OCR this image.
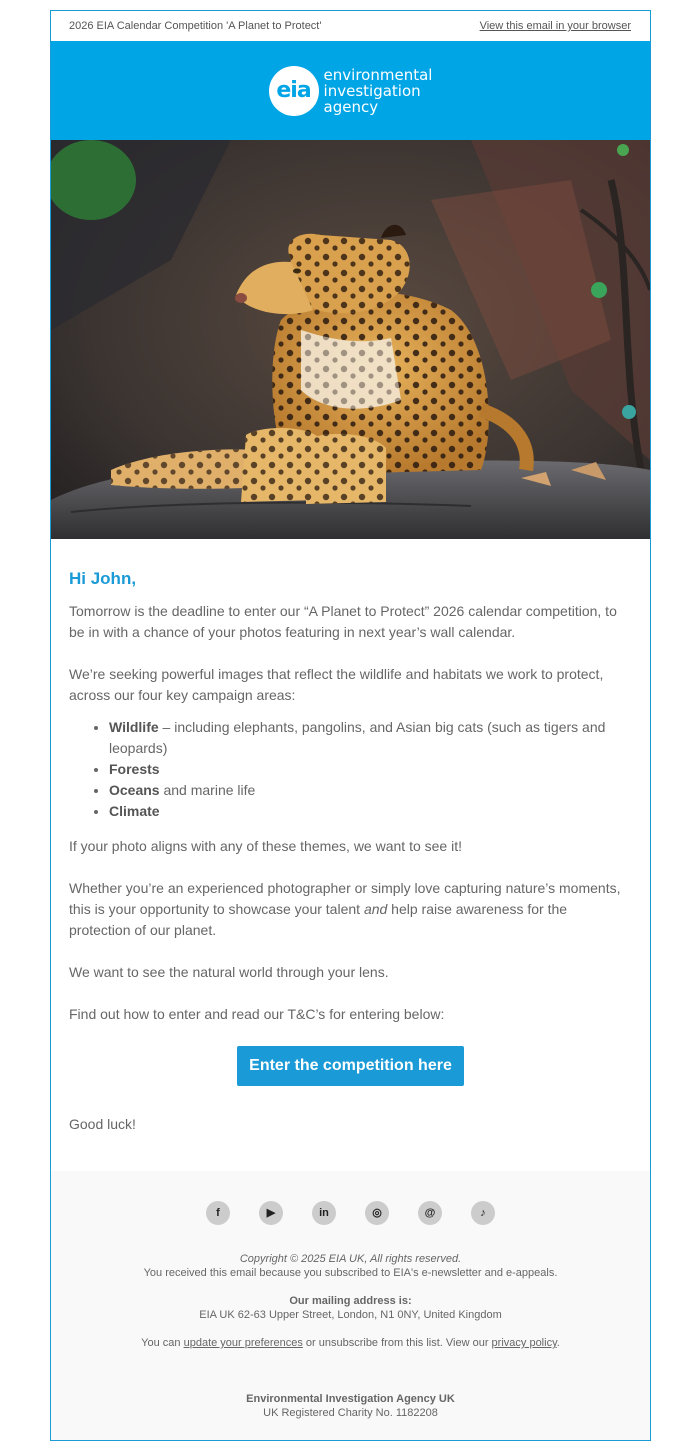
2026 EIA Calendar Competition 'A Planet to Protect'	View this email in your browser
eia
environmental
investigation
agency
Hi John,

Tomorrow is the deadline to enter our “A Planet to Protect” 2026 calendar competition, to be in with a chance of your photos featuring in next year’s wall calendar.

We’re seeking powerful images that reflect the wildlife and habitats we work to protect, across our four key campaign areas:

• Wildlife – including elephants, pangolins, and Asian big cats (such as tigers and leopards)
• Forests
• Oceans and marine life
• Climate

If your photo aligns with any of these themes, we want to see it!

Whether you’re an experienced photographer or simply love capturing nature’s moments, this is your opportunity to showcase your talent and help raise awareness for the protection of our planet.

We want to see the natural world through your lens.

Find out how to enter and read our T&C’s for entering below:

Enter the competition here

Good luck!

f	▶	in	◎	@	♪
Copyright © 2025 EIA UK, All rights reserved.
You received this email because you subscribed to EIA's e-newsletter and e-appeals.
Our mailing address is:
EIA UK 62-63 Upper Street, London, N1 0NY, United Kingdom
You can update your preferences or unsubscribe from this list. View our privacy policy.
Environmental Investigation Agency UK
UK Registered Charity No. 1182208
